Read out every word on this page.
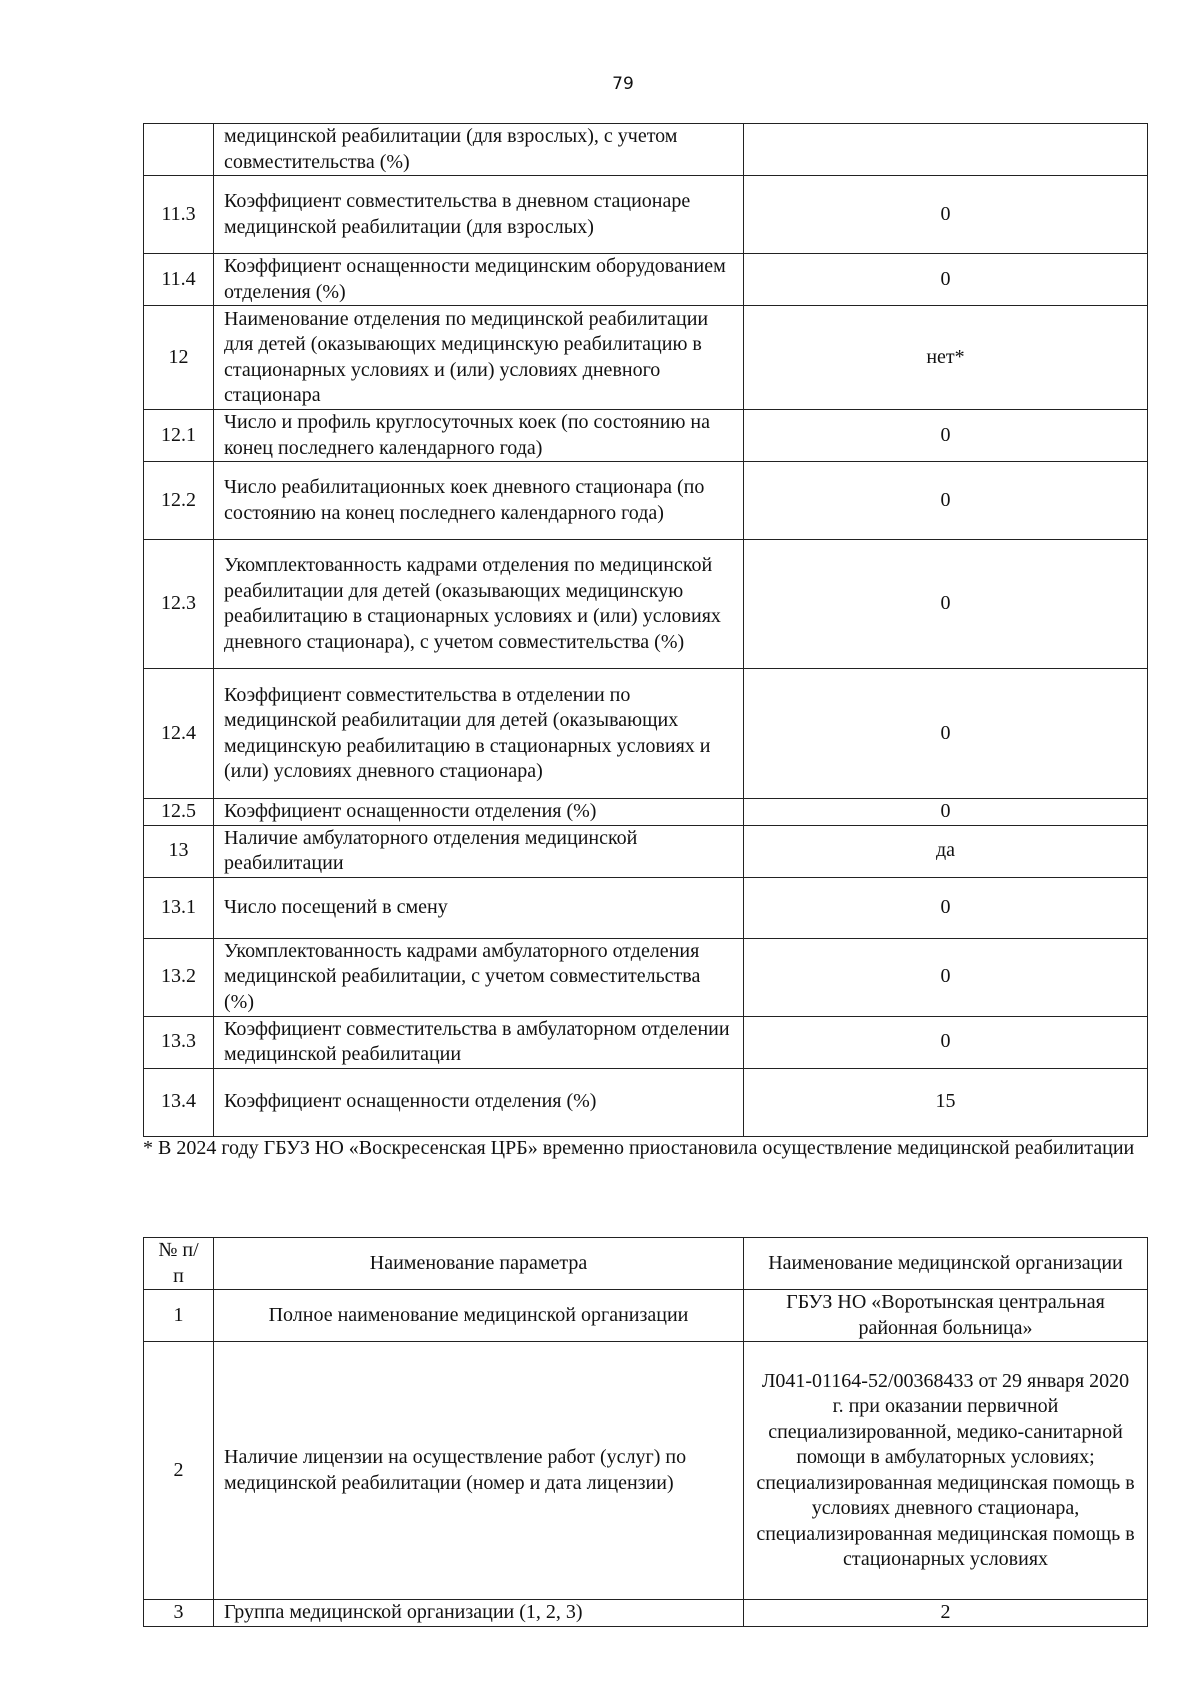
79
	медицинской реабилитации (для взрослых), с учетом совместительства (%)	
11.3	Коэффициент совместительства в дневном стационаре медицинской реабилитации (для взрослых)	0
11.4	Коэффициент оснащенности медицинским оборудованием отделения (%)	0
12	Наименование отделения по медицинской реабилитации для детей (оказывающих медицинскую реабилитацию в стационарных условиях и (или) условиях дневного стационара	нет*
12.1	Число и профиль круглосуточных коек (по состоянию на конец последнего календарного года)	0
12.2	Число реабилитационных коек дневного стационара (по состоянию на конец последнего календарного года)	0
12.3	Укомплектованность кадрами отделения по медицинской реабилитации для детей (оказывающих медицинскую реабилитацию в стационарных условиях и (или) условиях дневного стационара), с учетом совместительства (%)	0
12.4	Коэффициент совместительства в отделении по медицинской реабилитации для детей (оказывающих медицинскую реабилитацию в стационарных условиях и (или) условиях дневного стационара)	0
12.5	Коэффициент оснащенности отделения (%)	0
13	Наличие амбулаторного отделения медицинской реабилитации	да
13.1	Число посещений в смену	0
13.2	Укомплектованность кадрами амбулаторного отделения медицинской реабилитации, с учетом совместительства (%)	0
13.3	Коэффициент совместительства в амбулаторном отделении медицинской реабилитации	0
13.4	Коэффициент оснащенности отделения (%)	15
* В 2024 году ГБУЗ НО «Воскресенская ЦРБ» временно приостановила осуществление медицинской реабилитации
№ п/п	Наименование параметра	Наименование медицинской организации
1	Полное наименование медицинской организации	ГБУЗ НО «Воротынская центральная районная больница»
2	Наличие лицензии на осуществление работ (услуг) по медицинской реабилитации (номер и дата лицензии)	Л041-01164-52/00368433 от 29 января 2020 г. при оказании первичной специализированной, медико-санитарной помощи в амбулаторных условиях; специализированная медицинская помощь в условиях дневного стационара, специализированная медицинская помощь в стационарных условиях
3	Группа медицинской организации (1, 2, 3)	2
